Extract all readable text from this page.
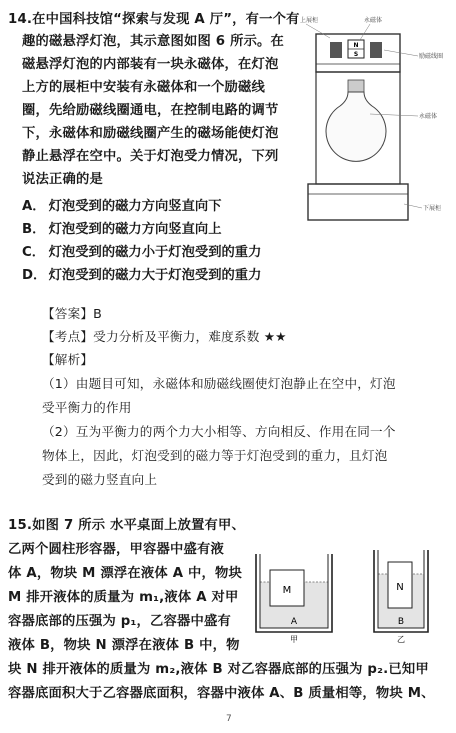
14.在中国科技馆“探索与发现 A 厅”，有一个有
趣的磁悬浮灯泡，其示意图如图 6 所示。在
磁悬浮灯泡的内部装有一块永磁体，在灯泡
上方的展柜中安装有永磁体和一个励磁线
圈，先给励磁线圈通电，在控制电路的调节
下，永磁体和励磁线圈产生的磁场能使灯泡
静止悬浮在空中。关于灯泡受力情况，下列
说法正确的是
A． 灯泡受到的磁力方向竖直向下
B． 灯泡受到的磁力方向竖直向上
C． 灯泡受到的磁力小于灯泡受到的重力
D． 灯泡受到的磁力大于灯泡受到的重力
N
S
上展柜	永磁体
励磁线圈
永磁体
下展柜
【答案】B
【考点】受力分析及平衡力，难度系数 ★★
【解析】
（1）由题目可知，永磁体和励磁线圈使灯泡静止在空中，灯泡
受平衡力的作用
（2）互为平衡力的两个力大小相等、方向相反、作用在同一个
物体上，因此，灯泡受到的磁力等于灯泡受到的重力，且灯泡
受到的磁力竖直向上
15.如图 7 所示 水平桌面上放置有甲、
乙两个圆柱形容器，甲容器中盛有液
体 A，物块 M 漂浮在液体 A 中，物块
M 排开液体的质量为 m₁,液体 A 对甲
容器底部的压强为 p₁，乙容器中盛有
液体 B，物块 N 漂浮在液体 B 中，物
块 N 排开液体的质量为 m₂,液体 B 对乙容器底部的压强为 p₂.已知甲
容器底面积大于乙容器底面积，容器中液体 A、B 质量相等，物块 M、
M
A
甲
N
B
乙
7
